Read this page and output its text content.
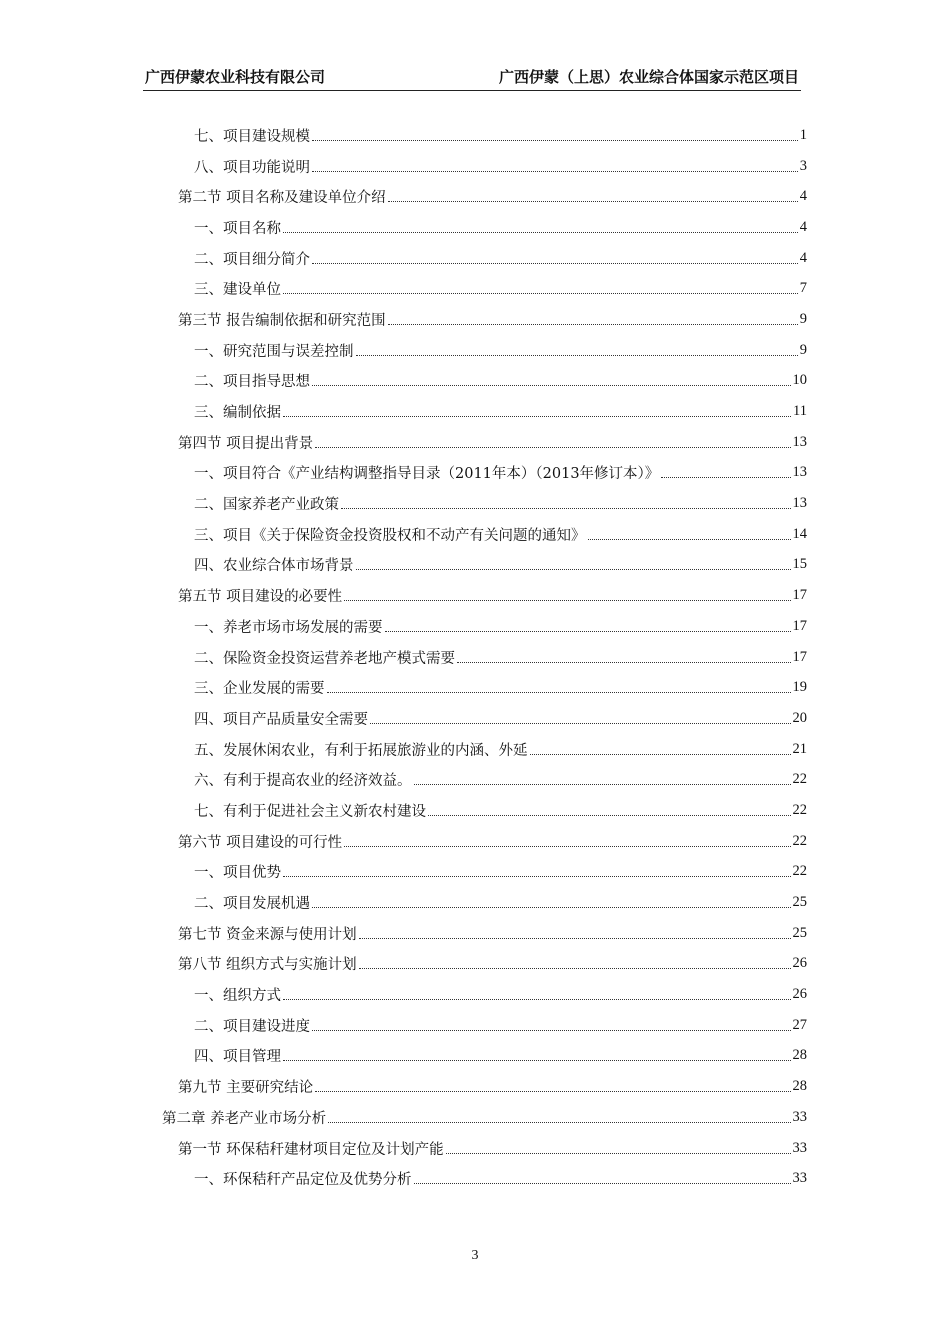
广西伊蒙农业科技有限公司	广西伊蒙（上思）农业综合体国家示范区项目
七、项目建设规模	1
八、项目功能说明	3
第二节 项目名称及建设单位介绍	4
一、项目名称	4
二、项目细分简介	4
三、建设单位	7
第三节 报告编制依据和研究范围	9
一、研究范围与误差控制	9
二、项目指导思想	10
三、编制依据	11
第四节 项目提出背景	13
一、项目符合《产业结构调整指导目录（2011年本）（2013年修订本）》	13
二、国家养老产业政策	13
三、项目《关于保险资金投资股权和不动产有关问题的通知》	14
四、农业综合体市场背景	15
第五节 项目建设的必要性	17
一、养老市场市场发展的需要	17
二、保险资金投资运营养老地产模式需要	17
三、企业发展的需要	19
四、项目产品质量安全需要	20
五、发展休闲农业，有利于拓展旅游业的内涵、外延	21
六、有利于提高农业的经济效益。	22
七、有利于促进社会主义新农村建设	22
第六节 项目建设的可行性	22
一、项目优势	22
二、项目发展机遇	25
第七节 资金来源与使用计划	25
第八节 组织方式与实施计划	26
一、组织方式	26
二、项目建设进度	27
四、项目管理	28
第九节 主要研究结论	28
第二章 养老产业市场分析	33
第一节 环保秸秆建材项目定位及计划产能	33
一、环保秸秆产品定位及优势分析	33
3
